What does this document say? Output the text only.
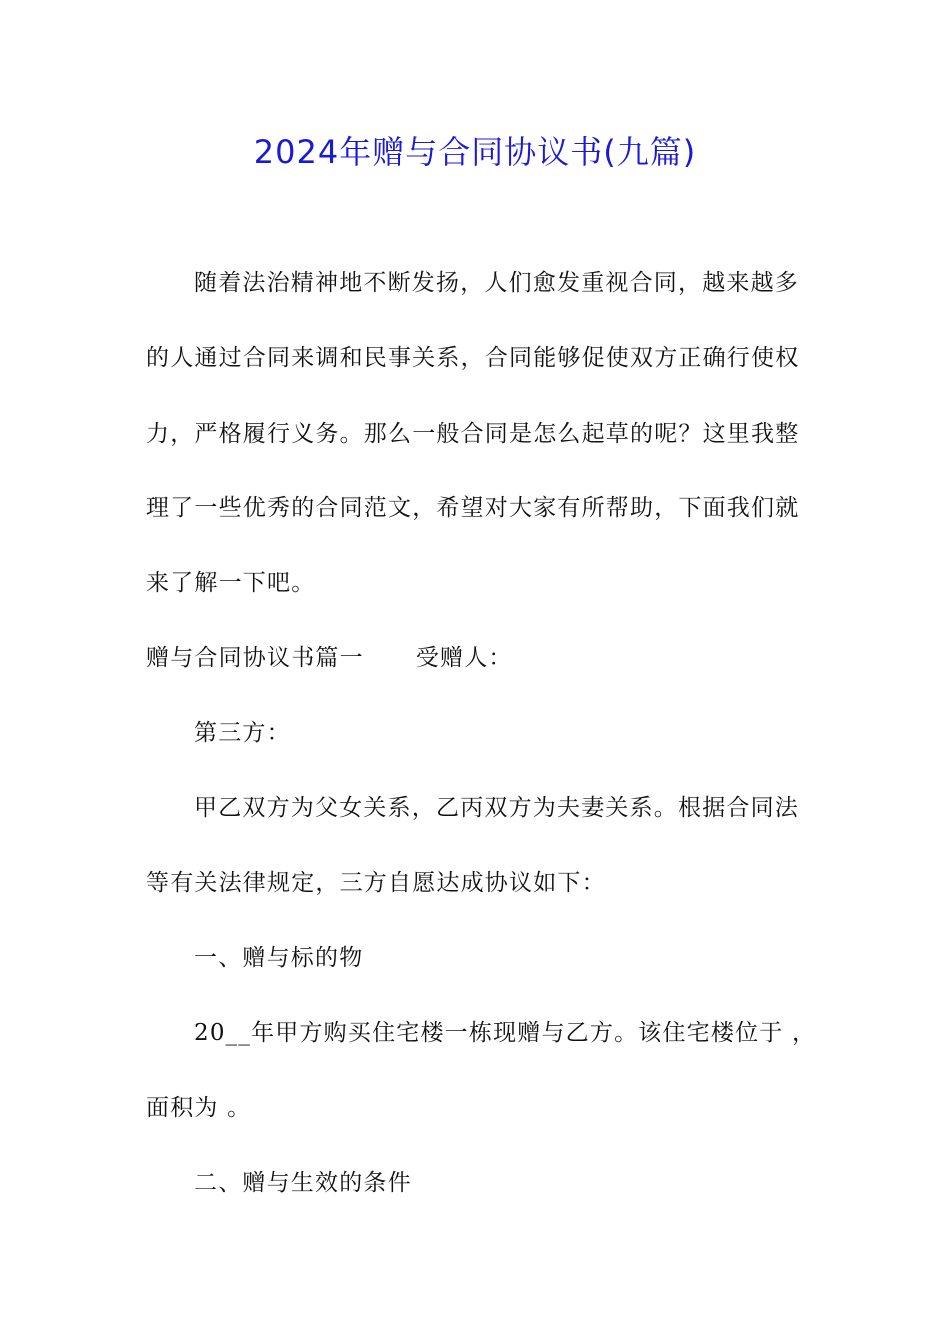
2024年赠与合同协议书(九篇)
随着法治精神地不断发扬，人们愈发重视合同，越来越多
的人通过合同来调和民事关系，合同能够促使双方正确行使权
力，严格履行义务。那么一般合同是怎么起草的呢？这里我整
理了一些优秀的合同范文，希望对大家有所帮助，下面我们就
来了解一下吧。
赠与合同协议书篇一 受赠人：
第三方：
甲乙双方为父女关系，乙丙双方为夫妻关系。根据合同法
等有关法律规定，三方自愿达成协议如下：
一、赠与标的物
20__年甲方购买住宅楼一栋现赠与乙方。该住宅楼位于 ，
面积为 。
二、赠与生效的条件
